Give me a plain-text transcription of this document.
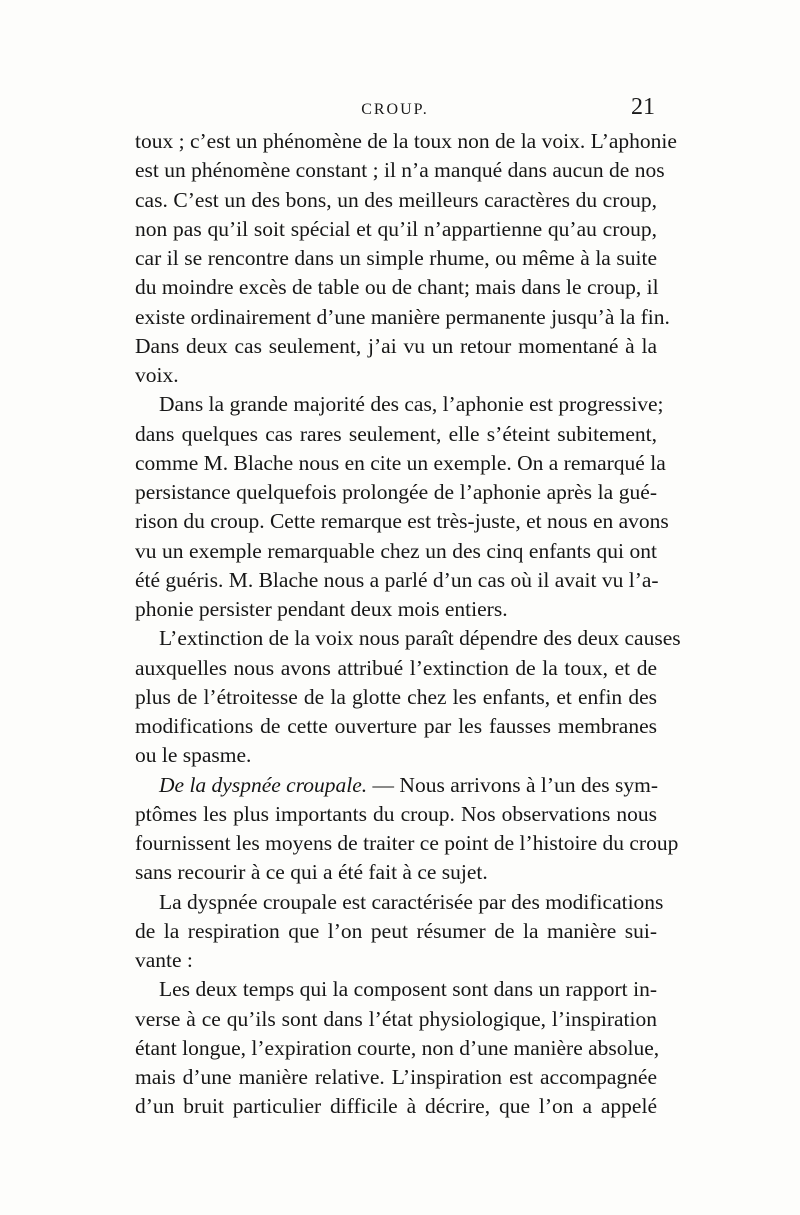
CROUP.	21
toux ; c’est un phénomène de la toux non de la voix. L’aphonie
est un phénomène constant ; il n’a manqué dans aucun de nos
cas. C’est un des bons, un des meilleurs caractères du croup,
non pas qu’il soit spécial et qu’il n’appartienne qu’au croup,
car il se rencontre dans un simple rhume, ou même à la suite
du moindre excès de table ou de chant; mais dans le croup, il
existe ordinairement d’une manière permanente jusqu’à la fin.
Dans deux cas seulement, j’ai vu un retour momentané à la
voix.
Dans la grande majorité des cas, l’aphonie est progressive;
dans quelques cas rares seulement, elle s’éteint subitement,
comme M. Blache nous en cite un exemple. On a remarqué la
persistance quelquefois prolongée de l’aphonie après la gué-
rison du croup. Cette remarque est très-juste, et nous en avons
vu un exemple remarquable chez un des cinq enfants qui ont
été guéris. M. Blache nous a parlé d’un cas où il avait vu l’a-
phonie persister pendant deux mois entiers.
L’extinction de la voix nous paraît dépendre des deux causes
auxquelles nous avons attribué l’extinction de la toux, et de
plus de l’étroitesse de la glotte chez les enfants, et enfin des
modifications de cette ouverture par les fausses membranes
ou le spasme.
De la dyspnée croupale. — Nous arrivons à l’un des sym-
ptômes les plus importants du croup. Nos observations nous
fournissent les moyens de traiter ce point de l’histoire du croup
sans recourir à ce qui a été fait à ce sujet.
La dyspnée croupale est caractérisée par des modifications
de la respiration que l’on peut résumer de la manière sui-
vante :
Les deux temps qui la composent sont dans un rapport in-
verse à ce qu’ils sont dans l’état physiologique, l’inspiration
étant longue, l’expiration courte, non d’une manière absolue,
mais d’une manière relative. L’inspiration est accompagnée
d’un bruit particulier difficile à décrire, que l’on a appelé
